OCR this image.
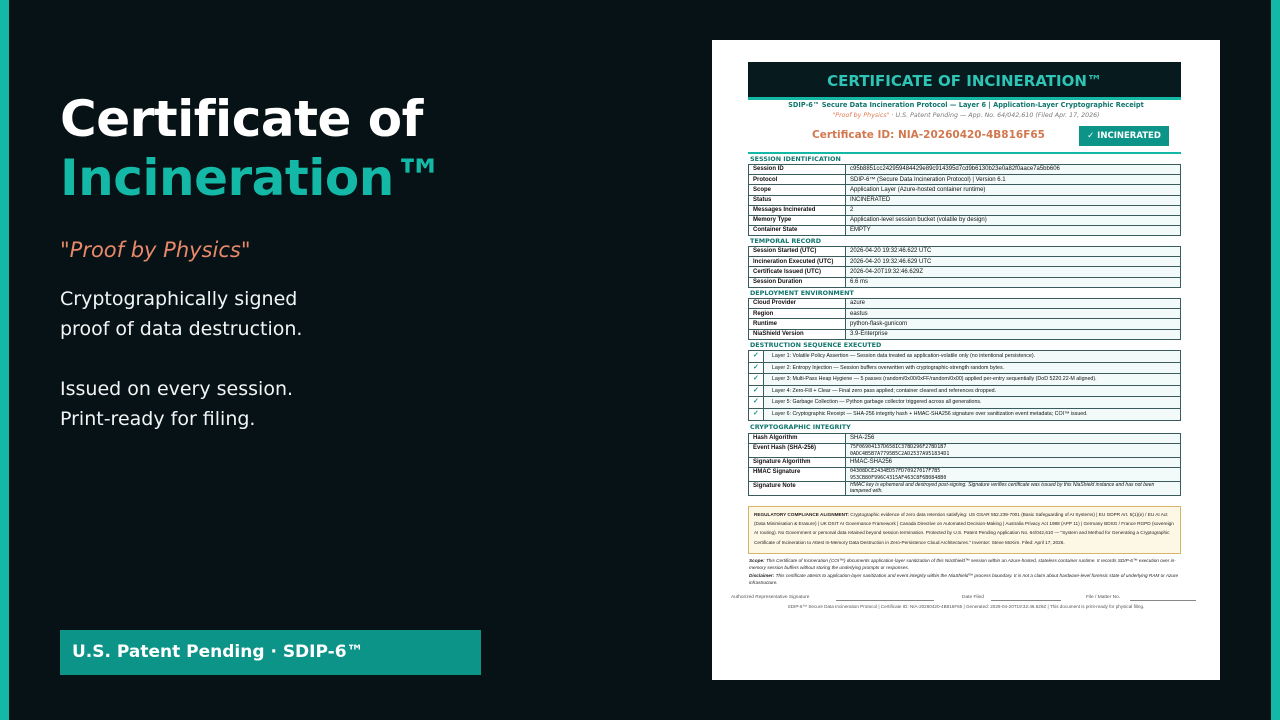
Certificate of
Incineration™
"Proof by Physics"

Cryptographically signed

proof of data destruction.

Issued on every session.

Print-ready for filing.

U.S. Patent Pending · SDIP-6™
CERTIFICATE OF INCINERATION™
SDIP-6™ Secure Data Incineration Protocol — Layer 6 | Application-Layer Cryptographic Receipt
"Proof by Physics" · U.S. Patent Pending — App. No. 64/042,610 (Filed Apr. 17, 2026)
Certificate ID: NIA-20260420-4B816F65	✓ INCINERATED
SESSION IDENTIFICATION
Session ID	c95b8851cc242959484429e89c914395d7cd9b6130b23e0a82f0aace7a5bb606
Protocol	SDIP-6™ (Secure Data Incineration Protocol) | Version 6.1
Scope	Application Layer (Azure-hosted container runtime)
Status	INCINERATED
Messages Incinerated	2
Memory Type	Application-level session bucket (volatile by design)
Container State	EMPTY
TEMPORAL RECORD
Session Started (UTC)	2026-04-20 19:32:46.622 UTC
Incineration Executed (UTC)	2026-04-20 19:32:46.629 UTC
Certificate Issued (UTC)	2026-04-20T19:32:46.629Z
Session Duration	6.6 ms
DEPLOYMENT ENVIRONMENT
Cloud Provider	azure
Region	eastus
Runtime	python-flask-gunicorn
NiaShield Version	3.9-Enterprise
DESTRUCTION SEQUENCE EXECUTED
✓	Layer 1: Volatile Policy Assertion — Session data treated as application-volatile only (no intentional persistence).
✓	Layer 2: Entropy Injection — Session buffers overwritten with cryptographic-strength random bytes.
✓	Layer 3: Multi-Pass Heap Hygiene — 5 passes (random/0x00/0xFF/random/0x00) applied per-entry sequentially (DoD 5220.22-M aligned).
✓	Layer 4: Zero-Fill + Clear — Final zero pass applied; container cleared and references dropped.
✓	Layer 5: Garbage Collection — Python garbage collector triggered across all generations.
✓	Layer 6: Cryptographic Receipt — SHA-256 integrity hash + HMAC-SHA256 signature over sanitization event metadata; COI™ issued.
CRYPTOGRAPHIC INTEGRITY
Hash Algorithm	SHA-256
Event Hash (SHA-256)	75F06904137D658IC37BD296F27BD1B7
0ADC4B5B7A7795B5C2AD2537A951834D1

Signature Algorithm	HMAC-SHA256
HMAC Signature	04308DCE2434ED57FD70927017F7B5
953CB80F996C4315AF463C8F6B0848B0

Signature Note	HMAC key is ephemeral and destroyed post-signing. Signature verifies certificate was issued by this NiaShield instance and has not been tampered with.
REGULATORY COMPLIANCE ALIGNMENT: Cryptographic evidence of zero data retention satisfying: US GSAR 552.239-7001 (Basic Safeguarding of AI Systems) | EU GDPR Art. 5(1)(e) / EU AI Act (Data Minimisation & Erasure) | UK DSIT AI Governance Framework | Canada Directive on Automated Decision-Making | Australia Privacy Act 1988 (APP 11) | Germany BDSG / France RGPD (sovereign AI routing). No Government or personal data retained beyond session termination. Protected by U.S. Patent Pending Application No. 64/042,610 — "System and Method for Generating a Cryptographic Certificate of Incineration to Attest In-Memory Data Destruction in Zero-Persistence Cloud Architectures." Inventor: Steve McKim. Filed: April 17, 2026.
Scope: This Certificate of Incineration (COI™) documents application-layer sanitization of this NiaShield™ session within an Azure-hosted, stateless container runtime. It records SDIP-6™ execution over in-memory session buffers without storing the underlying prompts or responses.
Disclaimer: This certificate attests to application-layer sanitization and event integrity within the NiaShield™ process boundary. It is not a claim about hardware-level forensic state of underlying RAM or Azure infrastructure.
Authorized Representative Signature	Date Filed	File / Matter No.
SDIP-6™ Secure Data Incineration Protocol | Certificate ID: NIA-20260420-4B816F65 | Generated: 2026-04-20T19:32:46.629Z | This document is print-ready for physical filing.
